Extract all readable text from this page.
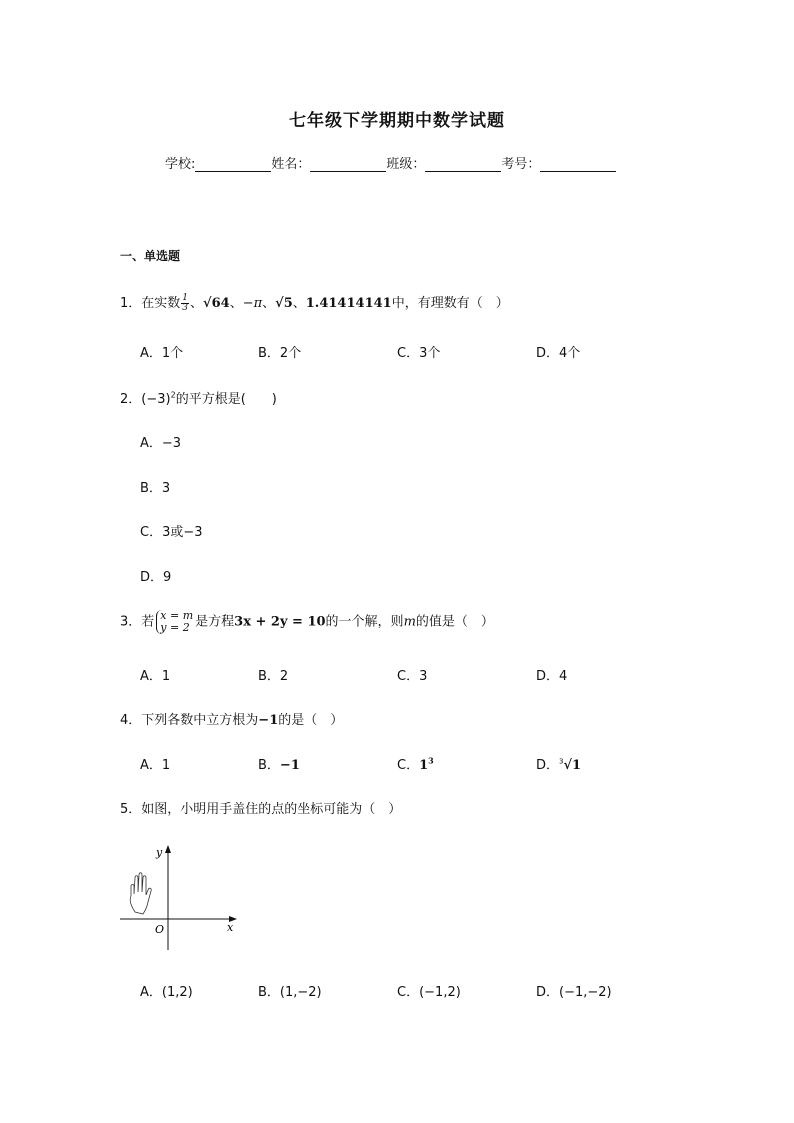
七年级下学期期中数学试题
学校:	姓名：	班级：	考号：
一、单选题
1．在实数 $\frac{1}{3}$ 、√64、−π、√5、1.41414141中，有理数有（　）
A．1个	B．2个	C．3个	D．4个
2．$(-3)^2$的平方根是(　　)
A．−3
B．3
C．3或−3
D．9
3．若 x = m
y = 2 是方程3x + 2y = 10的一个解，则m的值是（　）
A．1	B．2	C．3	D．4
4．下列各数中立方根为−1的是（　）
A．1	B．−1	C．$1^3$	D．$^3$√1
5．如图，小明用手盖住的点的坐标可能为（　）
y
x
O
A．(1,2)	B．(1,−2)	C．(−1,2)	D．(−1,−2)
